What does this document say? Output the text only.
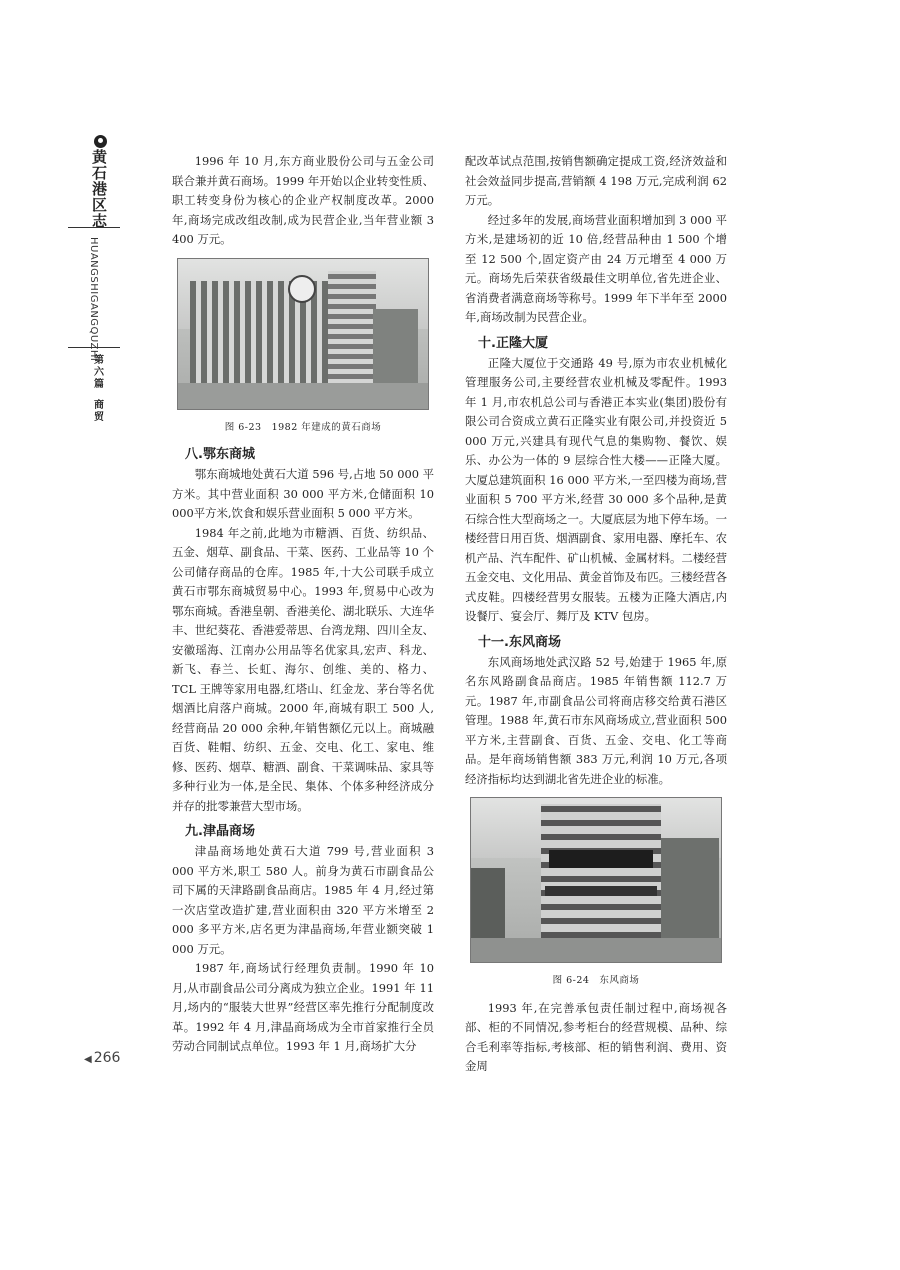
黄石港区志
HUANGSHIGANGQUZHI
第六篇
商贸
◀ 266

1996 年 10 月,东方商业股份公司与五金公司联合兼并黄石商场。1999 年开始以企业转变性质、职工转变身份为核心的企业产权制度改革。2000 年,商场完成改组改制,成为民营企业,当年营业额 3 400 万元。

图 6-23　1982 年建成的黄石商场
八.鄂东商城

鄂东商城地处黄石大道 596 号,占地 50 000 平方米。其中营业面积 30 000 平方米,仓储面积 10 000平方米,饮食和娱乐营业面积 5 000 平方米。

1984 年之前,此地为市糖酒、百货、纺织品、五金、烟草、副食品、干菜、医药、工业品等 10 个公司储存商品的仓库。1985 年,十大公司联手成立黄石市鄂东商城贸易中心。1993 年,贸易中心改为鄂东商城。香港皇朝、香港美伦、湖北联乐、大连华丰、世纪葵花、香港爱蒂思、台湾龙翔、四川全友、安徽瑶海、江南办公用品等名优家具,宏声、科龙、新飞、春兰、长虹、海尔、创维、美的、格力、TCL 王牌等家用电器,红塔山、红金龙、茅台等名优烟酒比肩落户商城。2000 年,商城有职工 500 人,经营商品 20 000 余种,年销售额亿元以上。商城融百货、鞋帽、纺织、五金、交电、化工、家电、维修、医药、烟草、糖酒、副食、干菜调味品、家具等多种行业为一体,是全民、集体、个体多种经济成分并存的批零兼营大型市场。

九.津晶商场

津晶商场地处黄石大道 799 号,营业面积 3 000 平方米,职工 580 人。前身为黄石市副食品公司下属的天津路副食品商店。1985 年 4 月,经过第一次店堂改造扩建,营业面积由 320 平方米增至 2 000 多平方米,店名更为津晶商场,年营业额突破 1 000 万元。

1987 年,商场试行经理负责制。1990 年 10 月,从市副食品公司分离成为独立企业。1991 年 11 月,场内的“服装大世界”经营区率先推行分配制度改革。1992 年 4 月,津晶商场成为全市首家推行全员劳动合同制试点单位。1993 年 1 月,商场扩大分

配改革试点范围,按销售额确定提成工资,经济效益和社会效益同步提高,营销额 4 198 万元,完成利润 62 万元。

经过多年的发展,商场营业面积增加到 3 000 平方米,是建场初的近 10 倍,经营品种由 1 500 个增至 12 500 个,固定资产由 24 万元增至 4 000 万元。商场先后荣获省级最佳文明单位,省先进企业、省消费者满意商场等称号。1999 年下半年至 2000 年,商场改制为民营企业。

十.正隆大厦

正隆大厦位于交通路 49 号,原为市农业机械化管理服务公司,主要经营农业机械及零配件。1993 年 1 月,市农机总公司与香港正本实业(集团)股份有限公司合资成立黄石正隆实业有限公司,并投资近 5 000 万元,兴建具有现代气息的集购物、餐饮、娱乐、办公为一体的 9 层综合性大楼——正隆大厦。大厦总建筑面积 16 000 平方米,一至四楼为商场,营业面积 5 700 平方米,经营 30 000 多个品种,是黄石综合性大型商场之一。大厦底层为地下停车场。一楼经营日用百货、烟酒副食、家用电器、摩托车、农机产品、汽车配件、矿山机械、金属材料。二楼经营五金交电、文化用品、黄金首饰及布匹。三楼经营各式皮鞋。四楼经营男女服装。五楼为正隆大酒店,内设餐厅、宴会厅、舞厅及 KTV 包房。

十一.东风商场

东风商场地处武汉路 52 号,始建于 1965 年,原名东风路副食品商店。1985 年销售额 112.7 万元。1987 年,市副食品公司将商店移交给黄石港区管理。1988 年,黄石市东风商场成立,营业面积 500 平方米,主营副食、百货、五金、交电、化工等商品。是年商场销售额 383 万元,利润 10 万元,各项经济指标均达到湖北省先进企业的标准。

图 6-24　东风商场

1993 年,在完善承包责任制过程中,商场视各部、柜的不同情况,参考柜台的经营规模、品种、综合毛利率等指标,考核部、柜的销售利润、费用、资金周
